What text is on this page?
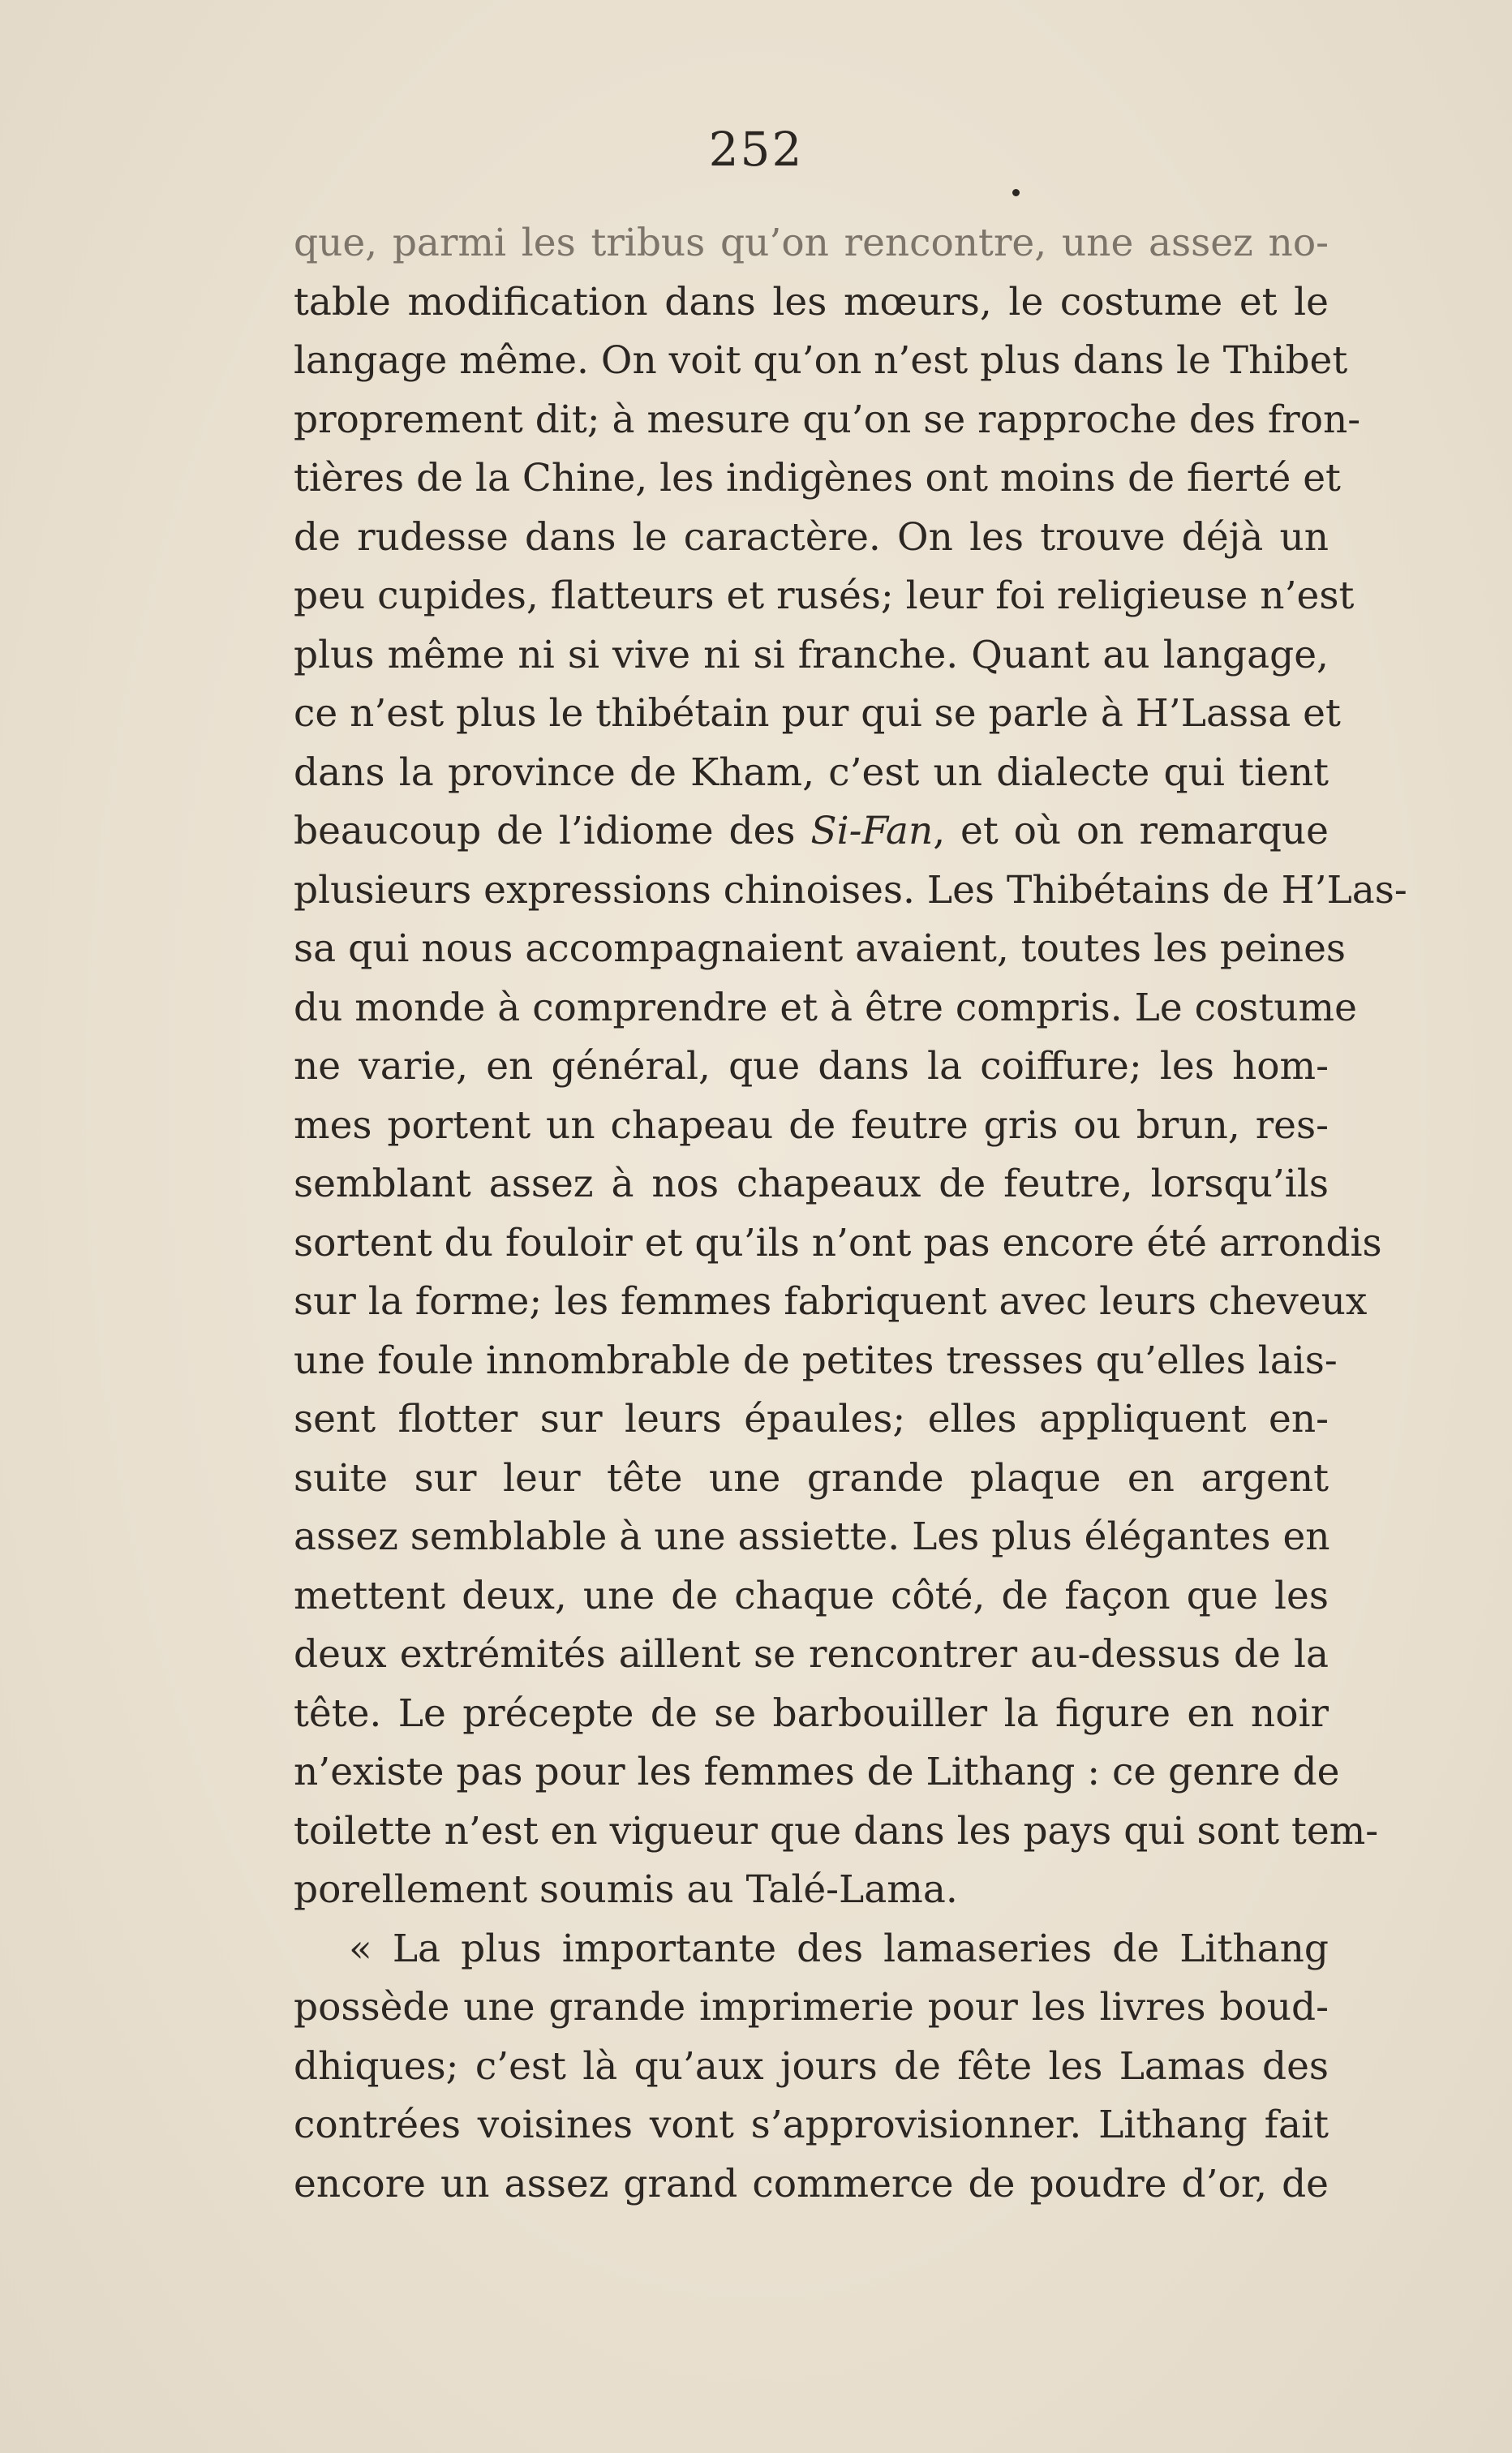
252
que, parmi les tribus qu’on rencontre, une assez no-
table modification dans les mœurs, le costume et le
langage même. On voit qu’on n’est plus dans le Thibet
proprement dit; à mesure qu’on se rapproche des fron-
tières de la Chine, les indigènes ont moins de fierté et
de rudesse dans le caractère. On les trouve déjà un
peu cupides, flatteurs et rusés; leur foi religieuse n’est
plus même ni si vive ni si franche. Quant au langage,
ce n’est plus le thibétain pur qui se parle à H’Lassa et
dans la province de Kham, c’est un dialecte qui tient
beaucoup de l’idiome des Si-Fan, et où on remarque
plusieurs expressions chinoises. Les Thibétains de H’Las-
sa qui nous accompagnaient avaient, toutes les peines
du monde à comprendre et à être compris. Le costume
ne varie, en général, que dans la coiffure; les hom-
mes portent un chapeau de feutre gris ou brun, res-
semblant assez à nos chapeaux de feutre, lorsqu’ils
sortent du fouloir et qu’ils n’ont pas encore été arrondis
sur la forme; les femmes fabriquent avec leurs cheveux
une foule innombrable de petites tresses qu’elles lais-
sent flotter sur leurs épaules; elles appliquent en-
suite sur leur tête une grande plaque en argent
assez semblable à une assiette. Les plus élégantes en
mettent deux, une de chaque côté, de façon que les
deux extrémités aillent se rencontrer au-dessus de la
tête. Le précepte de se barbouiller la figure en noir
n’existe pas pour les femmes de Lithang : ce genre de
toilette n’est en vigueur que dans les pays qui sont tem-
porellement soumis au Talé-Lama.
« La plus importante des lamaseries de Lithang
possède une grande imprimerie pour les livres boud-
dhiques; c’est là qu’aux jours de fête les Lamas des
contrées voisines vont s’approvisionner. Lithang fait
encore un assez grand commerce de poudre d’or, de
